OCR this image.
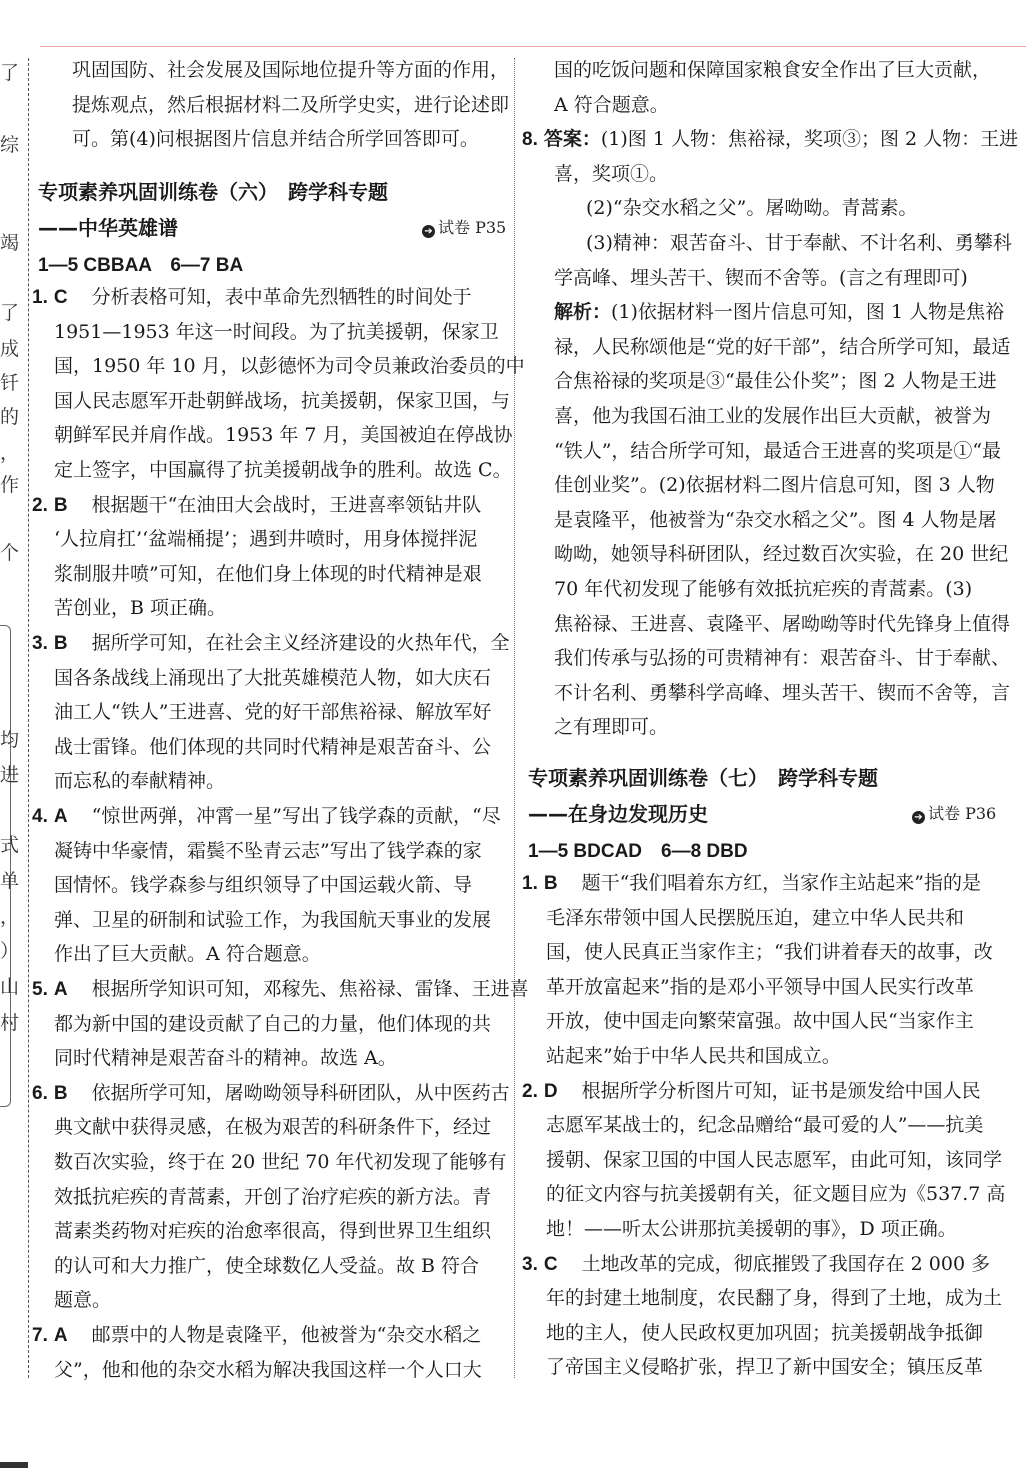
了
综
竭
了
成
钎
的
，
作
个
均
进
式
单
，
）
山
村
巩固国防、社会发展及国际地位提升等方面的作用，
提炼观点，然后根据材料二及所学史实，进行论述即
可。第(4)问根据图片信息并结合所学回答即可。
专项素养巩固训练卷（六）　跨学科专题
——中华英雄谱	➔ 试卷 P35
1—5 CBBAA　6—7 BA
1. C 分析表格可知，表中革命先烈牺牲的时间处于
1951—1953 年这一时间段。为了抗美援朝，保家卫
国，1950 年 10 月，以彭德怀为司令员兼政治委员的中
国人民志愿军开赴朝鲜战场，抗美援朝，保家卫国，与
朝鲜军民并肩作战。1953 年 7 月，美国被迫在停战协
定上签字，中国赢得了抗美援朝战争的胜利。故选 C。
2. B 根据题干“在油田大会战时，王进喜率领钻井队
‘人拉肩扛’‘盆端桶提’；遇到井喷时，用身体搅拌泥
浆制服井喷”可知，在他们身上体现的时代精神是艰
苦创业，B 项正确。
3. B 据所学可知，在社会主义经济建设的火热年代，全
国各条战线上涌现出了大批英雄模范人物，如大庆石
油工人“铁人”王进喜、党的好干部焦裕禄、解放军好
战士雷锋。他们体现的共同时代精神是艰苦奋斗、公
而忘私的奉献精神。
4. A “惊世两弹，冲霄一星”写出了钱学森的贡献，“尽
凝铸中华豪情，霜鬓不坠青云志”写出了钱学森的家
国情怀。钱学森参与组织领导了中国运载火箭、导
弹、卫星的研制和试验工作，为我国航天事业的发展
作出了巨大贡献。A 符合题意。
5. A 根据所学知识可知，邓稼先、焦裕禄、雷锋、王进喜
都为新中国的建设贡献了自己的力量，他们体现的共
同时代精神是艰苦奋斗的精神。故选 A。
6. B 依据所学可知，屠呦呦领导科研团队，从中医药古
典文献中获得灵感，在极为艰苦的科研条件下，经过
数百次实验，终于在 20 世纪 70 年代初发现了能够有
效抵抗疟疾的青蒿素，开创了治疗疟疾的新方法。青
蒿素类药物对疟疾的治愈率很高，得到世界卫生组织
的认可和大力推广，使全球数亿人受益。故 B 符合
题意。
7. A 邮票中的人物是袁隆平，他被誉为“杂交水稻之
父”，他和他的杂交水稻为解决我国这样一个人口大
国的吃饭问题和保障国家粮食安全作出了巨大贡献，
A 符合题意。
8. 答案：(1)图 1 人物：焦裕禄，奖项③；图 2 人物：王进
喜，奖项①。
(2)“杂交水稻之父”。屠呦呦。青蒿素。
(3)精神：艰苦奋斗、甘于奉献、不计名利、勇攀科
学高峰、埋头苦干、锲而不舍等。(言之有理即可)
解析：(1)依据材料一图片信息可知，图 1 人物是焦裕
禄，人民称颂他是“党的好干部”，结合所学可知，最适
合焦裕禄的奖项是③“最佳公仆奖”；图 2 人物是王进
喜，他为我国石油工业的发展作出巨大贡献，被誉为
“铁人”，结合所学可知，最适合王进喜的奖项是①“最
佳创业奖”。(2)依据材料二图片信息可知，图 3 人物
是袁隆平，他被誉为“杂交水稻之父”。图 4 人物是屠
呦呦，她领导科研团队，经过数百次实验，在 20 世纪
70 年代初发现了能够有效抵抗疟疾的青蒿素。(3)
焦裕禄、王进喜、袁隆平、屠呦呦等时代先锋身上值得
我们传承与弘扬的可贵精神有：艰苦奋斗、甘于奉献、
不计名利、勇攀科学高峰、埋头苦干、锲而不舍等，言
之有理即可。
专项素养巩固训练卷（七）　跨学科专题
——在身边发现历史	➔ 试卷 P36
1—5 BDCAD　6—8 DBD
1. B 题干“我们唱着东方红，当家作主站起来”指的是
毛泽东带领中国人民摆脱压迫，建立中华人民共和
国，使人民真正当家作主；“我们讲着春天的故事，改
革开放富起来”指的是邓小平领导中国人民实行改革
开放，使中国走向繁荣富强。故中国人民“当家作主
站起来”始于中华人民共和国成立。
2. D 根据所学分析图片可知，证书是颁发给中国人民
志愿军某战士的，纪念品赠给“最可爱的人”——抗美
援朝、保家卫国的中国人民志愿军，由此可知，该同学
的征文内容与抗美援朝有关，征文题目应为《537.7 高
地！——听太公讲那抗美援朝的事》，D 项正确。
3. C 土地改革的完成，彻底摧毁了我国存在 2 000 多
年的封建土地制度，农民翻了身，得到了土地，成为土
地的主人，使人民政权更加巩固；抗美援朝战争抵御
了帝国主义侵略扩张，捍卫了新中国安全；镇压反革
